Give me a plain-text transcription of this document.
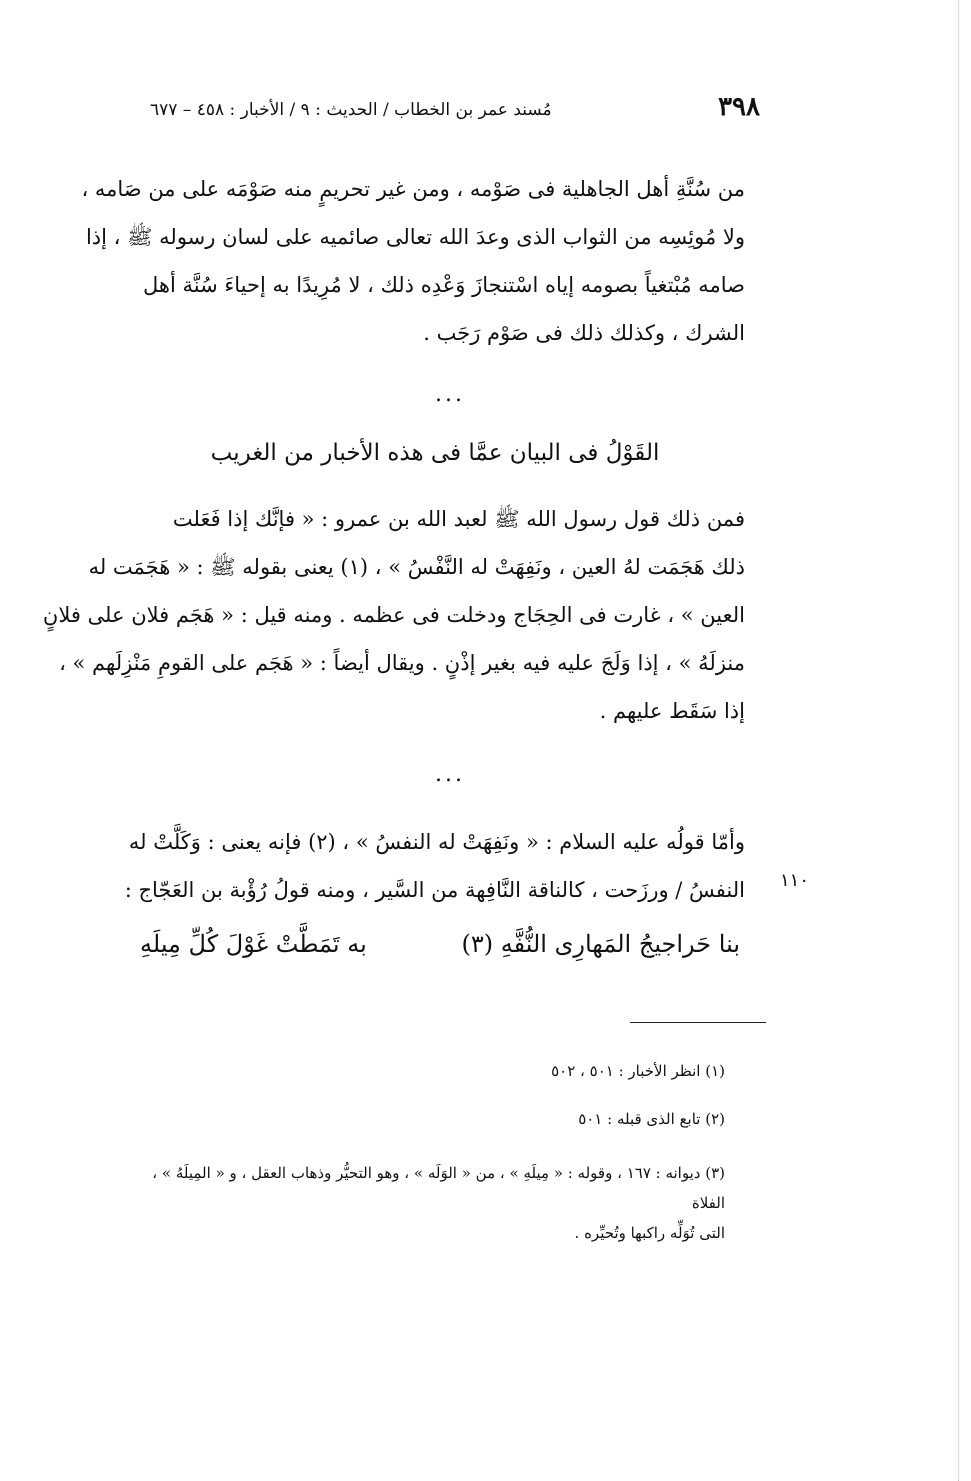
٣٩٨
مُسند عمر بن الخطاب / الحديث : ٩ / الأخبار : ٤٥٨ – ٦٧٧
من سُنَّةِ أهل الجاهلية فى صَوْمه ، ومن غير تحريمٍ منه صَوْمَه على من صَامه ،
ولا مُوئِسِه من الثواب الذى وعدَ الله تعالى صائميه على لسان رسوله ﷺ ، إذا
صامه مُبْتغياً بصومه إياه اسْتنجازَ وَعْدِه ذلك ، لا مُرِيدًا به إحياءَ سُنَّة أهل
الشرك ، وكذلك ذلك فى صَوْم رَجَب .
...
القَوْلُ فى البيان عمَّا فى هذه الأخبار من الغريب
فمن ذلك قول رسول الله ﷺ لعبد الله بن عمرو : « فإنَّك إذا فَعَلت
ذلك هَجَمَت لهُ العين ، ونَفِهَتْ له النَّفْسُ » ، (١) يعنى بقوله ﷺ : « هَجَمَت له
العين » ، غارت فى الحِجَاج ودخلت فى عظمه . ومنه قيل : « هَجَم فلان على فلانٍ
منزلَهُ » ، إذا وَلَجَ عليه فيه بغير إذْنٍ . ويقال أيضاً : « هَجَم على القومِ مَنْزِلَهم » ،
إذا سَقَط عليهم .
...
وأمّا قولُه عليه السلام : « ونَفِهَتْ له النفسُ » ، (٢) فإنه يعنى : وَكَلَّتْ له
النفسُ / ورزَحت ، كالناقة النَّافِهة من السَّير ، ومنه قولُ رُؤْبة بن العَجّاج : ١١٠
بنا حَراجيجُ المَهارِى النُّفَّهِ (٣)
به تَمَطَّتْ غَوْلَ كُلِّ مِيلَهِ
(١) انظر الأخبار : ٥٠١ ، ٥٠٢
(٢) تابع الذى قبله : ٥٠١
(٣) ديوانه : ١٦٧ ، وقوله : « مِيلَهِ » ، من « الوَلَه » ، وهو التحيُّر وذهاب العقل ، و « المِيلَهُ » ، الفلاة
التى تُوَلِّه راكبها وتُحيِّره .
